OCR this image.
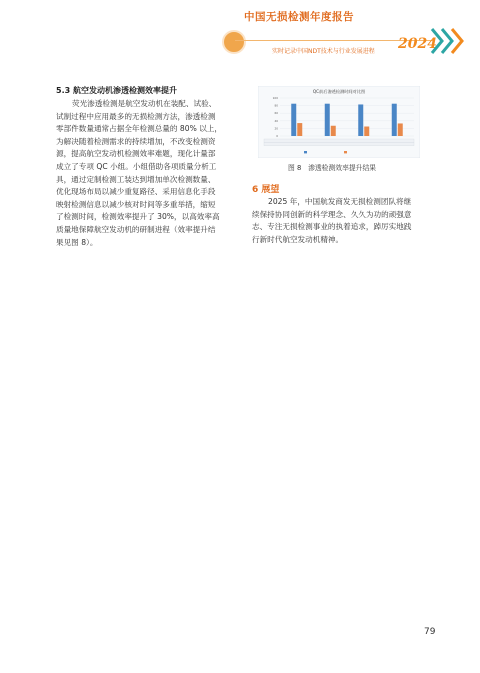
中国无损检测年度报告
实时记录中国NDT技术与行业发展进程 2024
5.3 航空发动机渗透检测效率提升
荧光渗透检测是航空发动机在装配、试验、
试制过程中应用最多的无损检测方法，渗透检测
零部件数量通常占据全年检测总量的 80% 以上，
为解决随着检测需求的持续增加，不改变检测资
源，提高航空发动机检测效率难题，现化计量部
成立了专项 QC 小组。小组借助各项质量分析工
具，通过定制检测工装达到增加单次检测数量、
优化现场布局以减少重复路径、采用信息化手段
映射检测信息以减少核对时间等多重举措，缩短
了检测时间，检测效率提升了 30%，以高效率高
质量地保障航空发动机的研制进程（效率提升结
果见图 8）。
QC前后渗透检测时间对比图
100
80
60
40
20
0
图 8　渗透检测效率提升结果
6 展望
2025 年，中国航发商发无损检测团队将继
续保持协同创新的科学理念、久久为功的顽强意
志、专注无损检测事业的执着追求，踔厉实地践
行新时代航空发动机精神。
79
